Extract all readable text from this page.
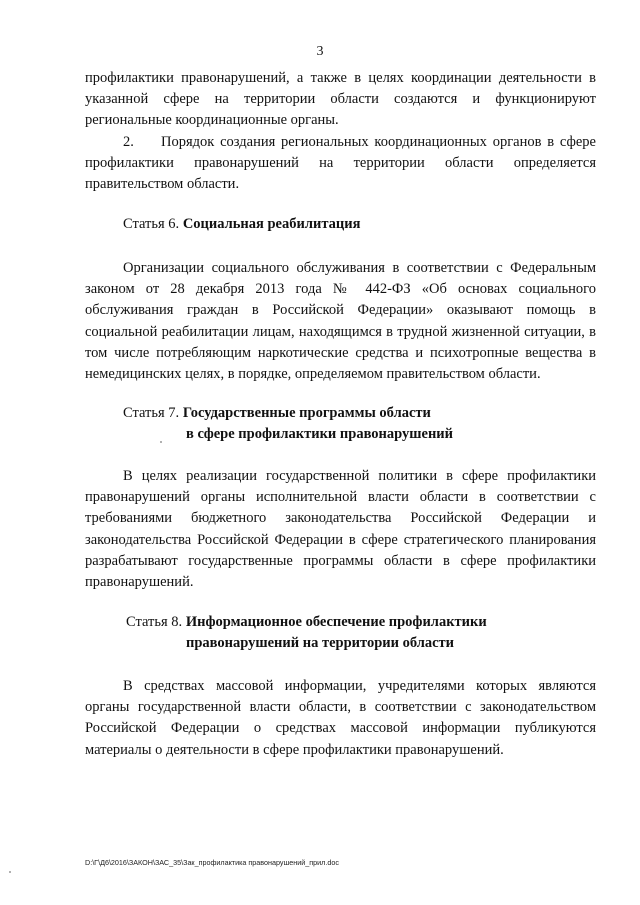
3

профилактики правонарушений, а также в целях координации деятельности в указанной сфере на территории области создаются и функционируют региональные координационные органы.

2. Порядок создания региональных координационных органов в сфере профилактики правонарушений на территории области определяется правительством области.

Статья 6. Социальная реабилитация

Организации социального обслуживания в соответствии с Федеральным законом от 28 декабря 2013 года № 442-ФЗ «Об основах социального обслуживания граждан в Российской Федерации» оказывают помощь в социальной реабилитации лицам, находящимся в трудной жизненной ситуации, в том числе потребляющим наркотические средства и психотропные вещества в немедицинских целях, в порядке, определяемом правительством области.

Статья 7. Государственные программы области

в сфере профилактики правонарушений

В целях реализации государственной политики в сфере профилактики правонарушений органы исполнительной власти области в соответствии с требованиями бюджетного законодательства Российской Федерации и законодательства Российской Федерации в сфере стратегического планирования разрабатывают государственные программы области в сфере профилактики правонарушений.

Статья 8. Информационное обеспечение профилактики

правонарушений на территории области

В средствах массовой информации, учредителями которых являются органы государственной власти области, в соответствии с законодательством Российской Федерации о средствах массовой информации публикуются материалы о деятельности в сфере профилактики правонарушений.

D:\Г\Д6\2016\ЗАКОН\ЗАС_35\Зак_профилактика правонарушений_прил.doc
